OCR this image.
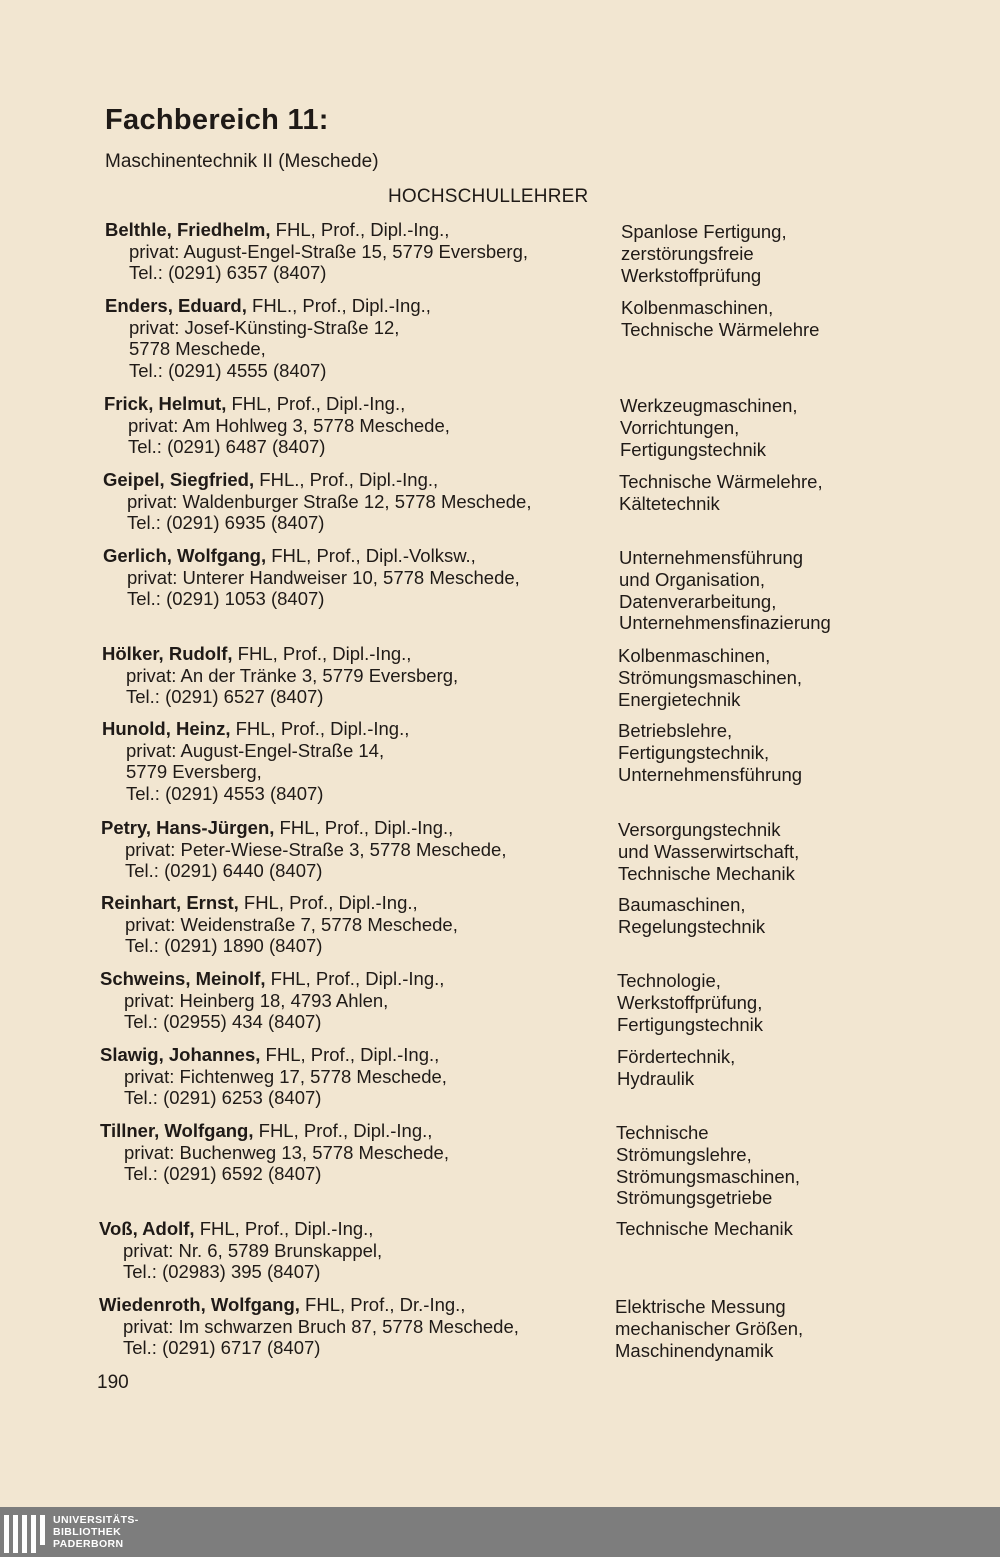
Fachbereich 11:
Maschinentechnik II (Meschede)
HOCHSCHULLEHRER
Belthle, Friedhelm, FHL, Prof., Dipl.-Ing.,
privat: August-Engel-Straße 15, 5779 Eversberg,
Tel.: (0291) 6357 (8407)
Spanlose Fertigung,
zerstörungsfreie
Werkstoffprüfung
Enders, Eduard, FHL., Prof., Dipl.-Ing.,
privat: Josef-Künsting-Straße 12,
5778 Meschede,
Tel.: (0291) 4555 (8407)
Kolbenmaschinen,
Technische Wärmelehre
Frick, Helmut, FHL, Prof., Dipl.-Ing.,
privat: Am Hohlweg 3, 5778 Meschede,
Tel.: (0291) 6487 (8407)
Werkzeugmaschinen,
Vorrichtungen,
Fertigungstechnik
Geipel, Siegfried, FHL., Prof., Dipl.-Ing.,
privat: Waldenburger Straße 12, 5778 Meschede,
Tel.: (0291) 6935 (8407)
Technische Wärmelehre,
Kältetechnik
Gerlich, Wolfgang, FHL, Prof., Dipl.-Volksw.,
privat: Unterer Handweiser 10, 5778 Meschede,
Tel.: (0291) 1053 (8407)
Unternehmensführung
und Organisation,
Datenverarbeitung,
Unternehmensfinazierung
Hölker, Rudolf, FHL, Prof., Dipl.-Ing.,
privat: An der Tränke 3, 5779 Eversberg,
Tel.: (0291) 6527 (8407)
Kolbenmaschinen,
Strömungsmaschinen,
Energietechnik
Hunold, Heinz, FHL, Prof., Dipl.-Ing.,
privat: August-Engel-Straße 14,
5779 Eversberg,
Tel.: (0291) 4553 (8407)
Betriebslehre,
Fertigungstechnik,
Unternehmensführung
Petry, Hans-Jürgen, FHL, Prof., Dipl.-Ing.,
privat: Peter-Wiese-Straße 3, 5778 Meschede,
Tel.: (0291) 6440 (8407)
Versorgungstechnik
und Wasserwirtschaft,
Technische Mechanik
Reinhart, Ernst, FHL, Prof., Dipl.-Ing.,
privat: Weidenstraße 7, 5778 Meschede,
Tel.: (0291) 1890 (8407)
Baumaschinen,
Regelungstechnik
Schweins, Meinolf, FHL, Prof., Dipl.-Ing.,
privat: Heinberg 18, 4793 Ahlen,
Tel.: (02955) 434 (8407)
Technologie,
Werkstoffprüfung,
Fertigungstechnik
Slawig, Johannes, FHL, Prof., Dipl.-Ing.,
privat: Fichtenweg 17, 5778 Meschede,
Tel.: (0291) 6253 (8407)
Fördertechnik,
Hydraulik
Tillner, Wolfgang, FHL, Prof., Dipl.-Ing.,
privat: Buchenweg 13, 5778 Meschede,
Tel.: (0291) 6592 (8407)
Technische
Strömungslehre,
Strömungsmaschinen,
Strömungsgetriebe
Voß, Adolf, FHL, Prof., Dipl.-Ing.,
privat: Nr. 6, 5789 Brunskappel,
Tel.: (02983) 395 (8407)
Technische Mechanik
Wiedenroth, Wolfgang, FHL, Prof., Dr.-Ing.,
privat: Im schwarzen Bruch 87, 5778 Meschede,
Tel.: (0291) 6717 (8407)
Elektrische Messung
mechanischer Größen,
Maschinendynamik
190
UNIVERSITÄTS-
BIBLIOTHEK
PADERBORN
